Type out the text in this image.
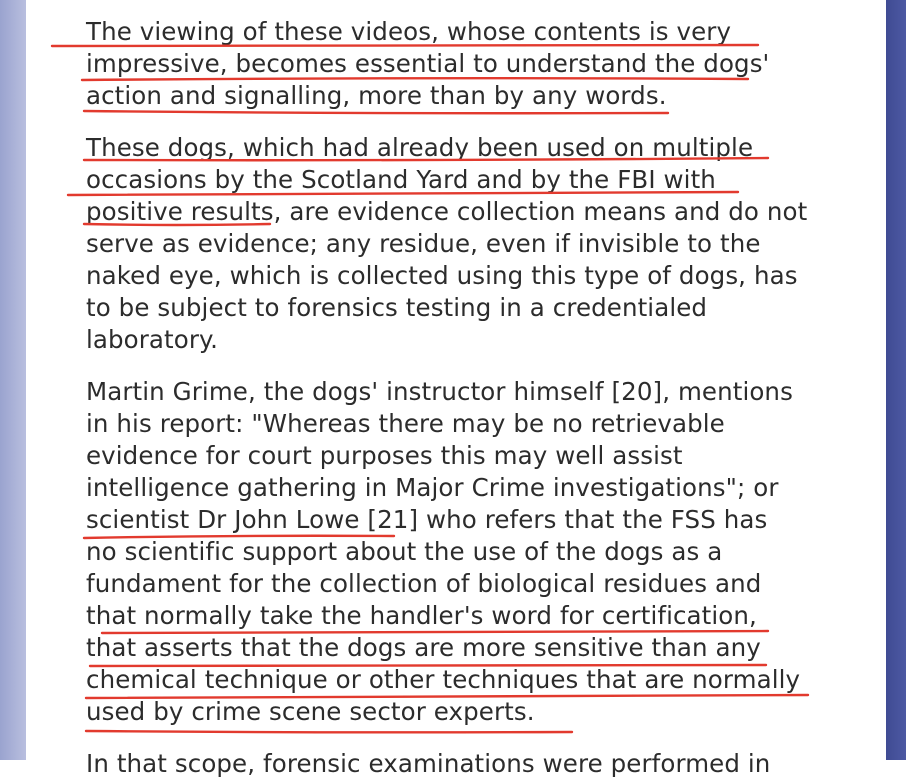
The viewing of these videos, whose contents is very

impressive, becomes essential to understand the dogs'

action and signalling, more than by any words.

These dogs, which had already been used on multiple

occasions by the Scotland Yard and by the FBI with

positive results, are evidence collection means and do not

serve as evidence; any residue, even if invisible to the

naked eye, which is collected using this type of dogs, has

to be subject to forensics testing in a credentialed

laboratory.

Martin Grime, the dogs' instructor himself [20], mentions

in his report: "Whereas there may be no retrievable

evidence for court purposes this may well assist

intelligence gathering in Major Crime investigations"; or

scientist Dr John Lowe [21] who refers that the FSS has

no scientific support about the use of the dogs as a

fundament for the collection of biological residues and

that normally take the handler's word for certification,

that asserts that the dogs are more sensitive than any

chemical technique or other techniques that are normally

used by crime scene sector experts.

In that scope, forensic examinations were performed in
